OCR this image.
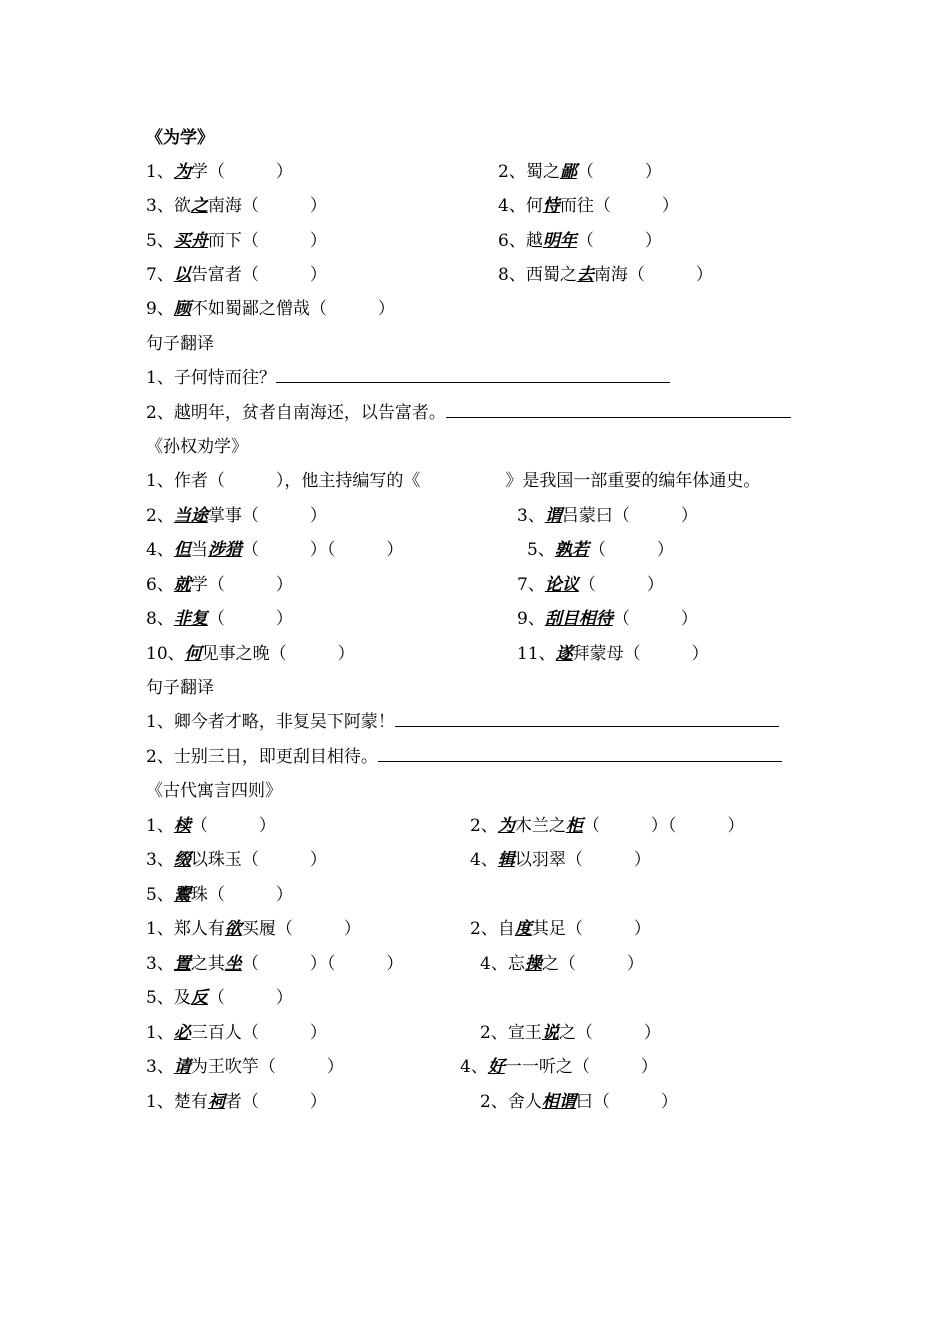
《为学》
1、为学（　　　）	2、蜀之鄙（　　　）
3、欲之南海（　　　）	4、何恃而往（　　　）
5、买舟而下（　　　）	6、越明年（　　　）
7、以告富者（　　　）	8、西蜀之去南海（　　　）
9、顾不如蜀鄙之僧哉（　　　）
句子翻译
1、子何恃而往？
2、越明年，贫者自南海还，以告富者。
《孙权劝学》
1、作者（　　　），他主持编写的《　　　　　》是我国一部重要的编年体通史。
2、当途掌事（　　　）	3、谓吕蒙曰（　　　）
4、但当涉猎（　　　）（　　　）	5、孰若（　　　）
6、就学（　　　）	7、论议（　　　）
8、非复（　　　）	9、刮目相待（　　　）
10、何见事之晚（　　　）	11、遂拜蒙母（　　　）
句子翻译
1、卿今者才略，非复吴下阿蒙！
2、士别三日，即更刮目相待。
《古代寓言四则》
1、椟（　　　）	2、为木兰之柜（　　　）（　　　）
3、缀以珠玉（　　　）	4、辑以羽翠（　　　）
5、鬻珠（　　　）
1、郑人有欲买履（　　　）	2、自度其足（　　　）
3、置之其坐（　　　）（　　　）	4、忘操之（　　　）
5、及反（　　　）
1、必三百人（　　　）	2、宣王说之（　　　）
3、请为王吹竽（　　　）	4、好一一听之（　　　）
1、楚有祠者（　　　）	2、舍人相谓曰（　　　）
